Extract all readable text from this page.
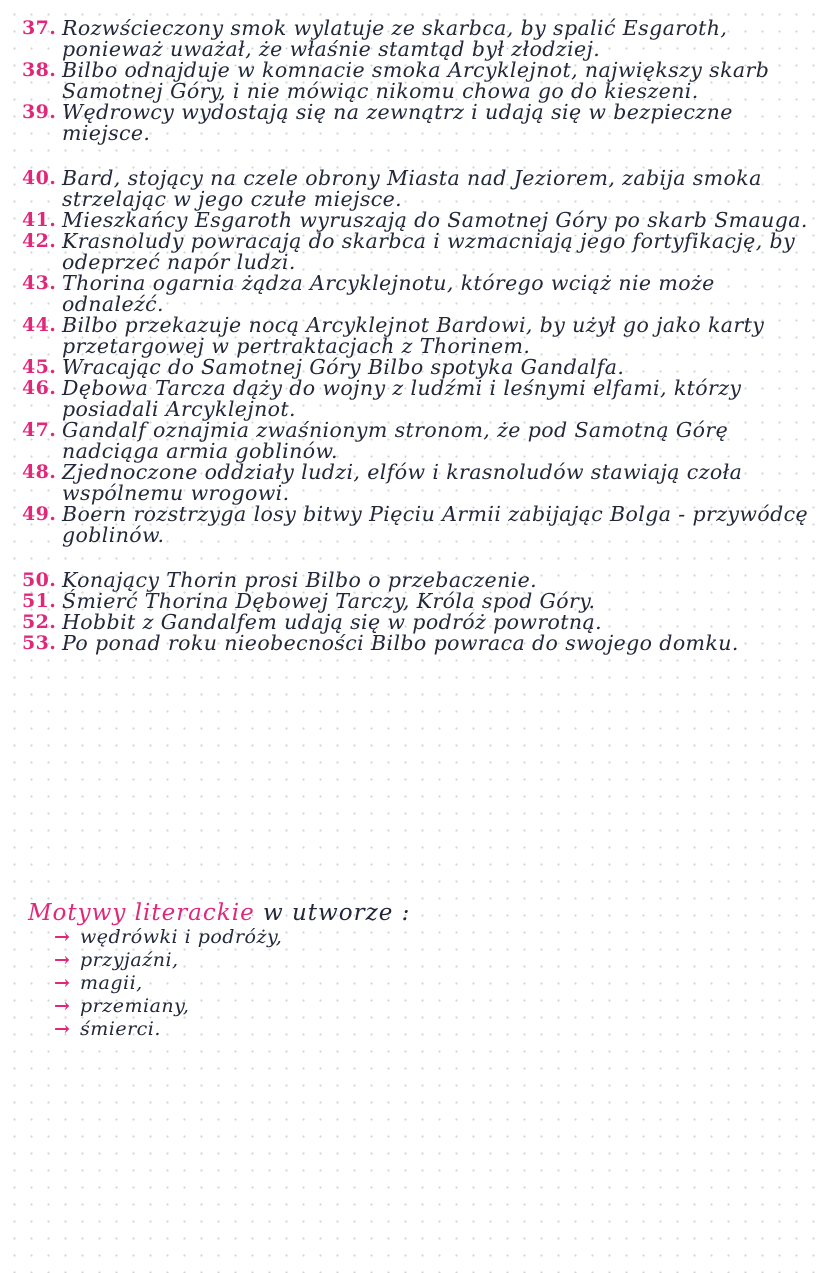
37. Rozwścieczony smok wylatuje ze skarbca, by spalić Esgaroth, ponieważ uważał, że właśnie stamtąd był złodziej.
38. Bilbo odnajduje w komnacie smoka Arcyklejnot, największy skarb Samotnej Góry, i nie mówiąc nikomu chowa go do kieszeni.
39. Wędrowcy wydostają się na zewnątrz i udają się w bezpieczne miejsce.
40. Bard, stojący na czele obrony Miasta nad Jeziorem, zabija smoka strzelając w jego czułe miejsce.
41. Mieszkańcy Esgaroth wyruszają do Samotnej Góry po skarb Smauga.
42. Krasnoludy powracają do skarbca i wzmacniają jego fortyfikację, by odeprzeć napór ludzi.
43. Thorina ogarnia żądza Arcyklejnotu, którego wciąż nie może odnaleźć.
44. Bilbo przekazuje nocą Arcyklejnot Bardowi, by użył go jako karty przetargowej w pertraktacjach z Thorinem.
45. Wracając do Samotnej Góry Bilbo spotyka Gandalfa.
46. Dębowa Tarcza dąży do wojny z ludźmi i leśnymi elfami, którzy posiadali Arcyklejnot.
47. Gandalf oznajmia zwaśnionym stronom, że pod Samotną Górę nadciąga armia goblinów.
48. Zjednoczone oddziały ludzi, elfów i krasnoludów stawiają czoła wspólnemu wrogowi.
49. Boern rozstrzyga losy bitwy Pięciu Armii zabijając Bolga - przywódcę goblinów.
50. Konający Thorin prosi Bilbo o przebaczenie.
51. Śmierć Thorina Dębowej Tarczy, Króla spod Góry.
52. Hobbit z Gandalfem udają się w podróż powrotną.
53. Po ponad roku nieobecności Bilbo powraca do swojego domku.
Motywy literackie w utworze :
→ wędrówki i podróży,
→ przyjaźni,
→ magii,
→ przemiany,
→ śmierci.
